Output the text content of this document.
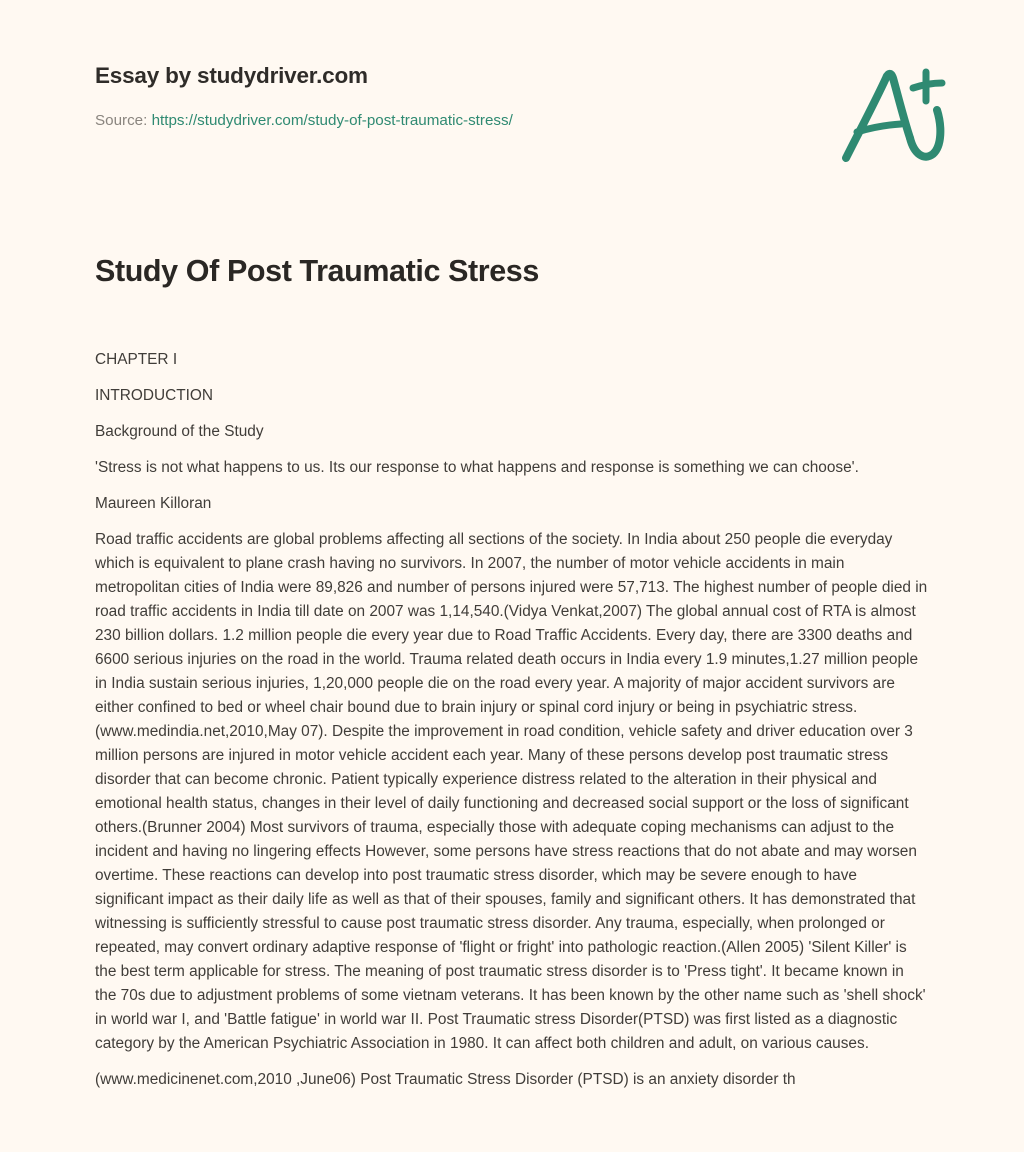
Essay by studydriver.com
Source: https://studydriver.com/study-of-post-traumatic-stress/
Study Of Post Traumatic Stress

CHAPTER I

INTRODUCTION

Background of the Study

'Stress is not what happens to us. Its our response to what happens and response is something we can choose'.

Maureen Killoran

Road traffic accidents are global problems affecting all sections of the society. In India about 250 people die everyday which is equivalent to plane crash having no survivors. In 2007, the number of motor vehicle accidents in main metropolitan cities of India were 89,826 and number of persons injured were 57,713. The highest number of people died in road traffic accidents in India till date on 2007 was 1,14,540.(Vidya Venkat,2007) The global annual cost of RTA is almost 230 billion dollars. 1.2 million people die every year due to Road Traffic Accidents. Every day, there are 3300 deaths and 6600 serious injuries on the road in the world. Trauma related death occurs in India every 1.9 minutes,1.27 million people in India sustain serious injuries, 1,20,000 people die on the road every year. A majority of major accident survivors are either confined to bed or wheel chair bound due to brain injury or spinal cord injury or being in psychiatric stress.(www.medindia.net,2010,May 07). Despite the improvement in road condition, vehicle safety and driver education over 3 million persons are injured in motor vehicle accident each year. Many of these persons develop post traumatic stress disorder that can become chronic. Patient typically experience distress related to the alteration in their physical and emotional health status, changes in their level of daily functioning and decreased social support or the loss of significant others.(Brunner 2004) Most survivors of trauma, especially those with adequate coping mechanisms can adjust to the incident and having no lingering effects However, some persons have stress reactions that do not abate and may worsen overtime. These reactions can develop into post traumatic stress disorder, which may be severe enough to have significant impact as their daily life as well as that of their spouses, family and significant others. It has demonstrated that witnessing is sufficiently stressful to cause post traumatic stress disorder. Any trauma, especially, when prolonged or repeated, may convert ordinary adaptive response of 'flight or fright' into pathologic reaction.(Allen 2005) 'Silent Killer' is the best term applicable for stress. The meaning of post traumatic stress disorder is to 'Press tight'. It became known in the 70s due to adjustment problems of some vietnam veterans. It has been known by the other name such as 'shell shock' in world war I, and 'Battle fatigue' in world war II. Post Traumatic stress Disorder(PTSD) was first listed as a diagnostic category by the American Psychiatric Association in 1980. It can affect both children and adult, on various causes.

(www.medicinenet.com,2010 ,June06) Post Traumatic Stress Disorder (PTSD) is an anxiety disorder th
